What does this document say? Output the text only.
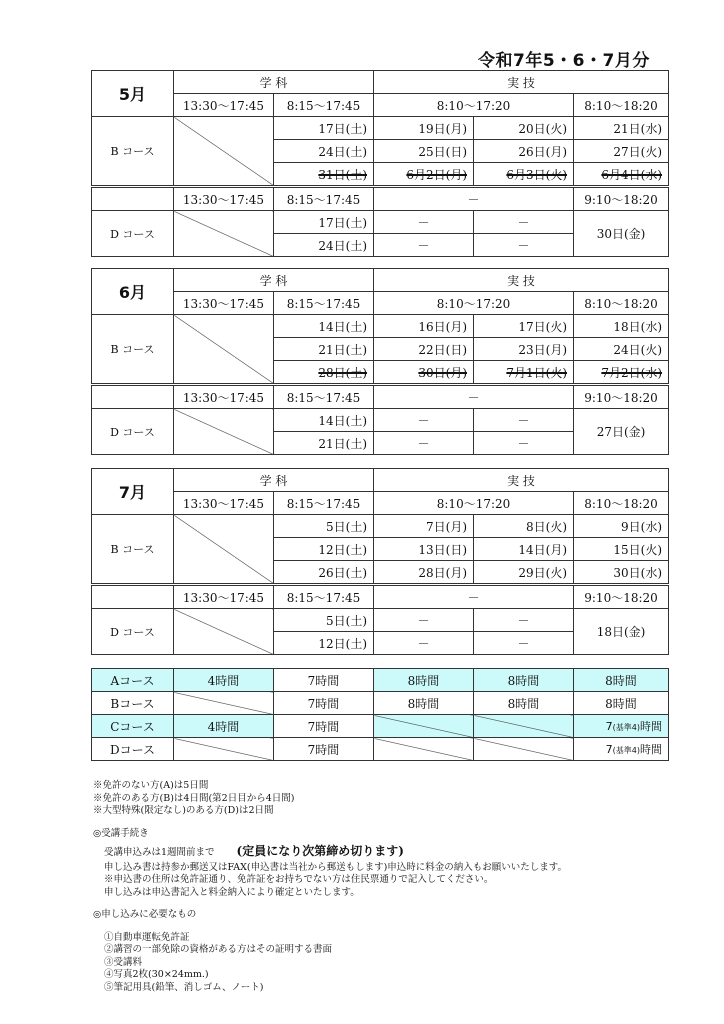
令和7年5・6・7月分
5月	学 科		実 技		
	13:30〜17:45	8:15〜17:45	8:10〜17:20		8:10〜18:20
B コース		17日(土)	19日(月)	20日(火)	21日(水)
		24日(土)	25日(日)	26日(月)	27日(火)
		31日(土)	6月2日(月)	6月3日(火)	6月4日(水)
	13:30〜17:45	8:15〜17:45	－		9:10〜18:20
D コース		17日(土)	－	－	30日(金)
		24日(土)	－	－	
6月	学 科		実 技		
	13:30〜17:45	8:15〜17:45	8:10〜17:20		8:10〜18:20
B コース		14日(土)	16日(月)	17日(火)	18日(水)
		21日(土)	22日(日)	23日(月)	24日(火)
		28日(土)	30日(月)	7月1日(火)	7月2日(水)
	13:30〜17:45	8:15〜17:45	－		9:10〜18:20
D コース		14日(土)	－	－	27日(金)
		21日(土)	－	－	
7月	学 科		実 技		
	13:30〜17:45	8:15〜17:45	8:10〜17:20		8:10〜18:20
B コース		5日(土)	7日(月)	8日(火)	9日(水)
		12日(土)	13日(日)	14日(月)	15日(火)
		26日(土)	28日(月)	29日(火)	30日(水)
	13:30〜17:45	8:15〜17:45	－		9:10〜18:20
D コース		5日(土)	－	－	18日(金)
		12日(土)	－	－	
Aコース	4時間	7時間	8時間	8時間	8時間
Bコース		7時間	8時間	8時間	8時間
Cコース	4時間	7時間			7(基準4)時間
Dコース		7時間			7(基準4)時間
※免許のない方(A)は5日間
※免許のある方(B)は4日間(第2日目から4日間)
※大型特殊(限定なし)のある方(D)は2日間
◎受講手続き
受講申込みは1週間前まで (定員になり次第締め切ります)
申し込み書は持参か郵送又はFAX(申込書は当社から郵送もします)申込時に料金の納入もお願いいたします。
※申込書の住所は免許証通り、免許証をお持ちでない方は住民票通りで記入してください。
申し込みは申込書記入と料金納入により確定といたします。
◎申し込みに必要なもの
①自動車運転免許証
②講習の一部免除の資格がある方はその証明する書面
③受講料
④写真2枚(30×24mm.)
⑤筆記用具(鉛筆、消しゴム、ノート)
